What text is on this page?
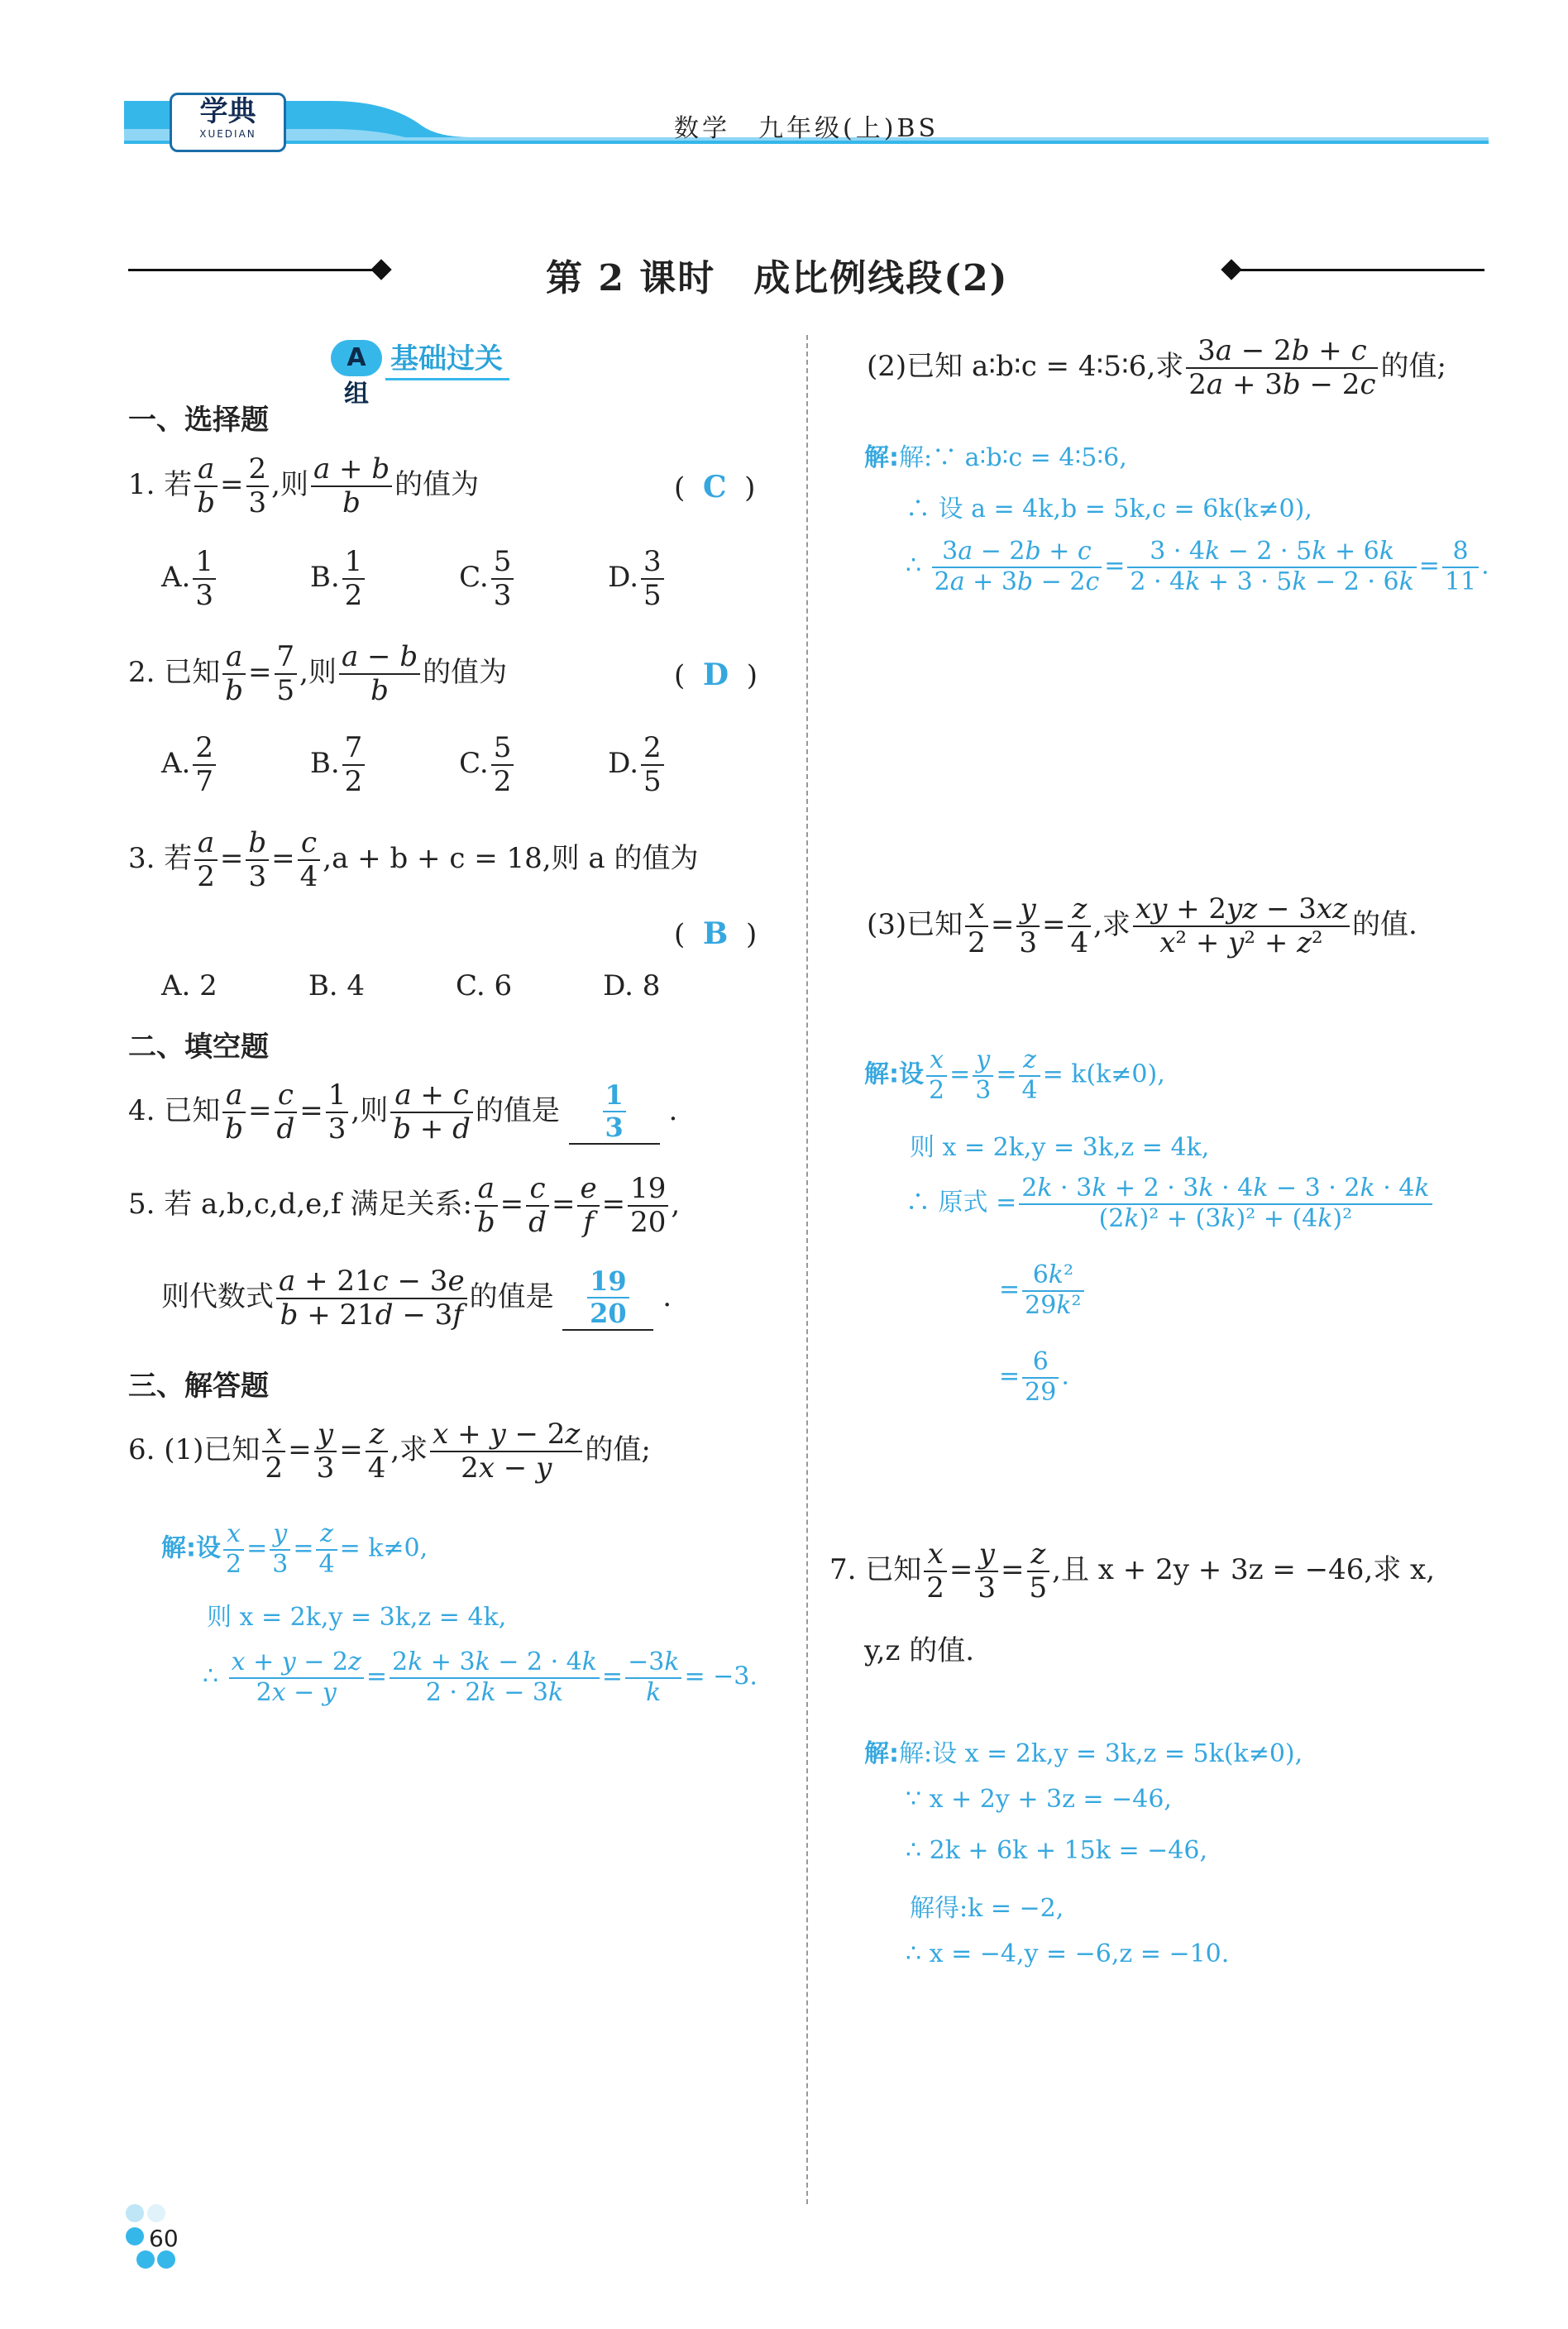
学典
XUEDIAN	数学　九年级(上)BS
第 2 课时　成比例线段(2)
A 组基础过关
一、选择题
1. 若 $\frac{a}{b} = \frac{2}{3}$ ,则 $\frac{a + b}{b}$ 的值为	(  C  )
A. $\frac{1}{3}$	B. $\frac{1}{2}$	C. $\frac{5}{3}$	D. $\frac{3}{5}$
2. 已知 $\frac{a}{b} = \frac{7}{5}$ ,则 $\frac{a - b}{b}$ 的值为	(  D  )
A. $\frac{2}{7}$	B. $\frac{7}{2}$	C. $\frac{5}{2}$	D. $\frac{2}{5}$
3. 若 $\frac{a}{2} = \frac{b}{3} = \frac{c}{4} ,a + b + c = 18$,则 a 的值为
(  B  )
A. 2	B. 4	C. 6	D. 8
二、填空题
4. 已知 $\frac{a}{b} = \frac{c}{d} = \frac{1}{3}$ ,则 $\frac{a + c}{b + d}$ 的值是 $\frac{1}{3}$ .
5. 若 a,b,c,d,e,f 满足关系: $\frac{a}{b} = \frac{c}{d} = \frac{e}{f} = \frac{19}{20}$ ,
则代数式 $\frac{a + 21c - 3e}{b + 21d - 3f}$ 的值是 $\frac{19}{20}$ .
三、解答题
6. (1)已知 $\frac{x}{2} = \frac{y}{3} = \frac{z}{4}$ ,求 $\frac{x + y - 2z}{2x - y}$ 的值;
解:设 $\frac{x}{2} = \frac{y}{3} = \frac{z}{4} = k\ne 0$,
则 x = 2k,y = 3k,z = 4k,
∴ $\frac{x + y - 2z}{2x - y} = \frac{2k + 3k - 2 \cdot 4k}{2 \cdot 2k - 3k} = \frac{-3k}{k} = -3$.
(2)已知 a∶b∶c = 4∶5∶6,求 $\frac{3a - 2b + c}{2a + 3b - 2c}$ 的值;
解:解:∵ a∶b∶c = 4∶5∶6,
∴ 设 a = 4k,b = 5k,c = 6k(k≠0),
∴ $\frac{3a - 2b + c}{2a + 3b - 2c} = \frac{3 \cdot 4k - 2 \cdot 5k + 6k}{2 \cdot 4k + 3 \cdot 5k - 2 \cdot 6k} = \frac{8}{11}$ .
(3)已知 $\frac{x}{2} = \frac{y}{3} = \frac{z}{4}$ ,求 $\frac{xy + 2yz - 3xz}{\text{x² + y² + z²}}$ 的值.
解:设 $\frac{x}{2} = \frac{y}{3} = \frac{z}{4} = k(k\ne 0)$,
则 x = 2k,y = 3k,z = 4k,
∴ 原式 = $\frac{2k \cdot 3k + 2 \cdot 3k \cdot 4k - 3 \cdot 2k \cdot 4k}{\text{(2k)² + (3k)² + (4k)²}}$
= $\frac{\text{6k²}}{\text{29k²}}$
= $\frac{6}{29}$ .
7. 已知 $\frac{x}{2} = \frac{y}{3} = \frac{z}{5}$ ,且 x + 2y + 3z = −46,求 x,
y,z 的值.
解:解:设 x = 2k,y = 3k,z = 5k(k≠0),
∵ x + 2y + 3z = −46,
∴ 2k + 6k + 15k = −46,
解得:k = −2,
∴ x = −4,y = −6,z = −10.
60
